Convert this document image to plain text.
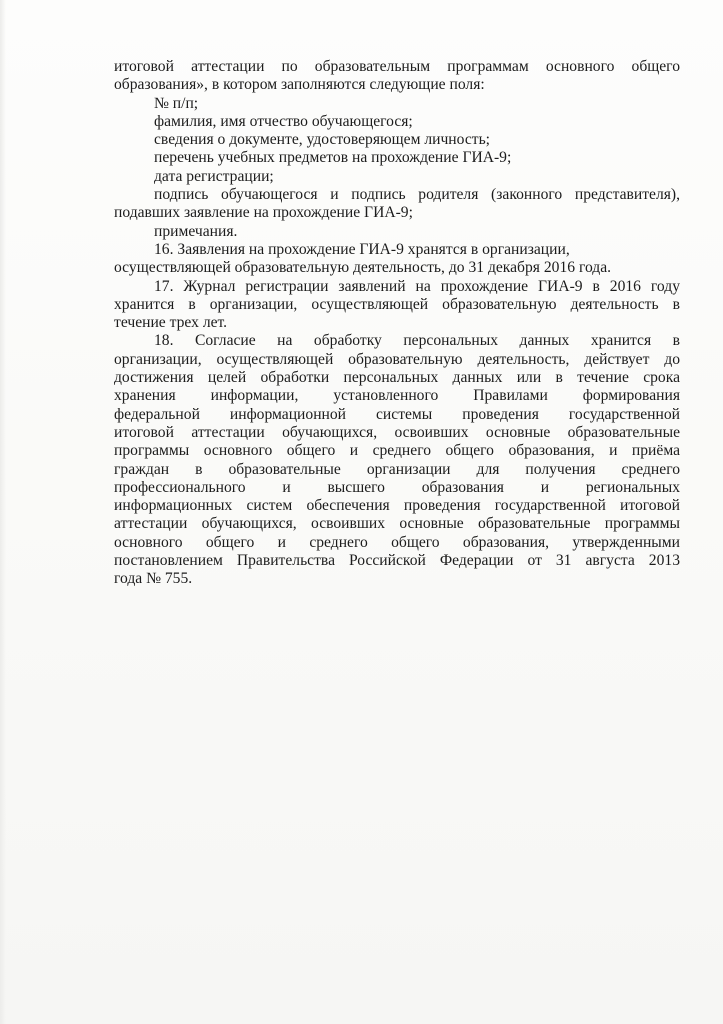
итоговой аттестации по образовательным программам основного общего

образования», в котором заполняются следующие поля:

№ п/п;

фамилия, имя отчество обучающегося;

сведения о документе, удостоверяющем личность;

перечень учебных предметов на прохождение ГИА-9;

дата регистрации;

подпись обучающегося и подпись родителя (законного представителя),

подавших заявление на прохождение ГИА-9;

примечания.

16. Заявления на прохождение ГИА-9 хранятся в организации,

осуществляющей образовательную деятельность, до 31 декабря 2016 года.

17. Журнал регистрации заявлений на прохождение ГИА-9 в 2016 году

хранится в организации, осуществляющей образовательную деятельность в

течение трех лет.

18. Согласие на обработку персональных данных хранится в

организации, осуществляющей образовательную деятельность, действует до

достижения целей обработки персональных данных или в течение срока

хранения информации, установленного Правилами формирования

федеральной информационной системы проведения государственной

итоговой аттестации обучающихся, освоивших основные образовательные

программы основного общего и среднего общего образования, и приёма

граждан в образовательные организации для получения среднего

профессионального и высшего образования и региональных

информационных систем обеспечения проведения государственной итоговой

аттестации обучающихся, освоивших основные образовательные программы

основного общего и среднего общего образования, утвержденными

постановлением Правительства Российской Федерации от 31 августа 2013

года № 755.
